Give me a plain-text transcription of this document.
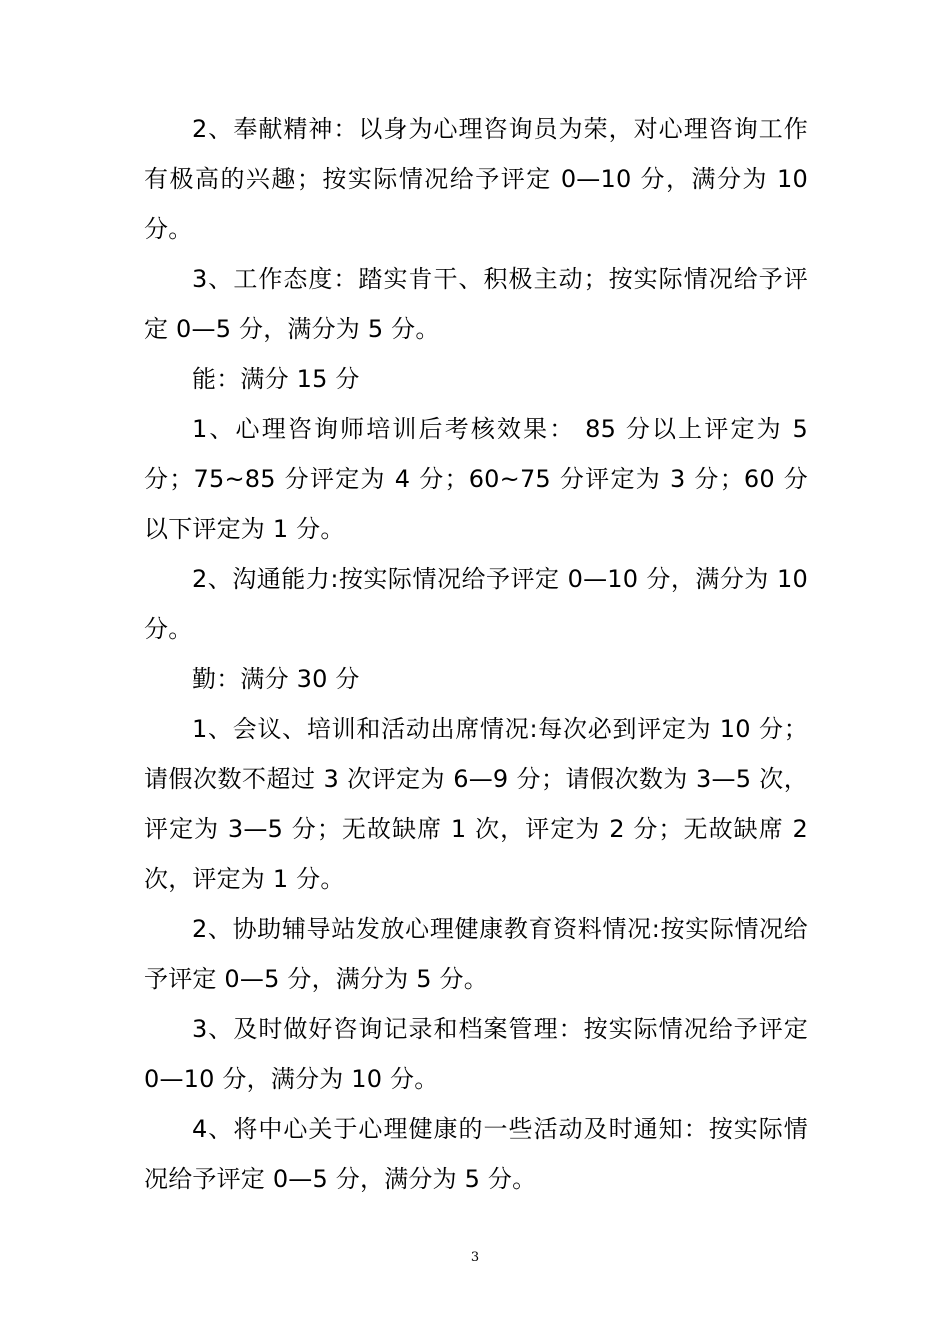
2、奉献精神：以身为心理咨询员为荣，对心理咨询工作有极高的兴趣；按实际情况给予评定 0—10 分，满分为 10 分。

3、工作态度：踏实肯干、积极主动；按实际情况给予评定 0—5 分，满分为 5 分。

能：满分 15 分

1、心理咨询师培训后考核效果： 85 分以上评定为 5 分；75~85 分评定为 4 分；60~75 分评定为 3 分；60 分以下评定为 1 分。

2、沟通能力:按实际情况给予评定 0—10 分，满分为 10 分。

勤：满分 30 分

1、会议、培训和活动出席情况:每次必到评定为 10 分；请假次数不超过 3 次评定为 6—9 分；请假次数为 3—5 次，评定为 3—5 分；无故缺席 1 次，评定为 2 分；无故缺席 2 次，评定为 1 分。

2、协助辅导站发放心理健康教育资料情况:按实际情况给予评定 0—5 分，满分为 5 分。

3、及时做好咨询记录和档案管理：按实际情况给予评定 0—10 分，满分为 10 分。

4、将中心关于心理健康的一些活动及时通知：按实际情况给予评定 0—5 分，满分为 5 分。

3
